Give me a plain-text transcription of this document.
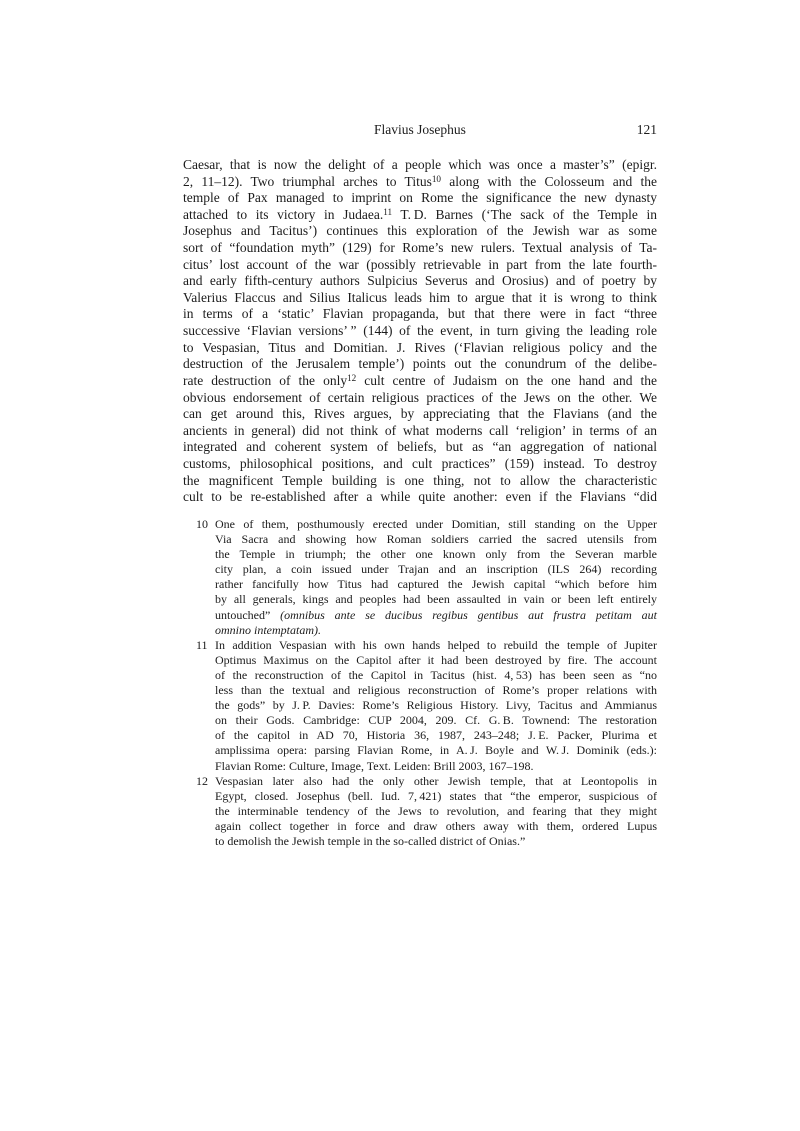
Flavius Josephus	121
Caesar, that is now the delight of a people which was once a master’s” (epigr.
2, 11–12). Two triumphal arches to Titus$^{10}$ along with the Colosseum and the
temple of Pax managed to imprint on Rome the significance the new dynasty
attached to its victory in Judaea.$^{11}$ T. D. Barnes (‘The sack of the Temple in
Josephus and Tacitus’) continues this exploration of the Jewish war as some
sort of “foundation myth” (129) for Rome’s new rulers. Textual analysis of Ta-
citus’ lost account of the war (possibly retrievable in part from the late fourth-
and early fifth-century authors Sulpicius Severus and Orosius) and of poetry by
Valerius Flaccus and Silius Italicus leads him to argue that it is wrong to think
in terms of a ‘static’ Flavian propaganda, but that there were in fact “three
successive ‘Flavian versions’ ” (144) of the event, in turn giving the leading role
to Vespasian, Titus and Domitian. J. Rives (‘Flavian religious policy and the
destruction of the Jerusalem temple’) points out the conundrum of the delibe-
rate destruction of the only$^{12}$ cult centre of Judaism on the one hand and the
obvious endorsement of certain religious practices of the Jews on the other. We
can get around this, Rives argues, by appreciating that the Flavians (and the
ancients in general) did not think of what moderns call ‘religion’ in terms of an
integrated and coherent system of beliefs, but as “an aggregation of national
customs, philosophical positions, and cult practices” (159) instead. To destroy
the magnificent Temple building is one thing, not to allow the characteristic
cult to be re-established after a while quite another: even if the Flavians “did
10 One of them, posthumously erected under Domitian, still standing on the Upper
Via Sacra and showing how Roman soldiers carried the sacred utensils from
the Temple in triumph; the other one known only from the Severan marble
city plan, a coin issued under Trajan and an inscription (ILS 264) recording
rather fancifully how Titus had captured the Jewish capital “which before him
by all generals, kings and peoples had been assaulted in vain or been left entirely
untouched” (omnibus ante se ducibus regibus gentibus aut frustra petitam aut
omnino intemptatam).
11 In addition Vespasian with his own hands helped to rebuild the temple of Jupiter
Optimus Maximus on the Capitol after it had been destroyed by fire. The account
of the reconstruction of the Capitol in Tacitus (hist. 4, 53) has been seen as “no
less than the textual and religious reconstruction of Rome’s proper relations with
the gods” by J. P. Davies: Rome’s Religious History. Livy, Tacitus and Ammianus
on their Gods. Cambridge: CUP 2004, 209. Cf. G. B. Townend: The restoration
of the capitol in AD 70, Historia 36, 1987, 243–248; J. E. Packer, Plurima et
amplissima opera: parsing Flavian Rome, in A. J. Boyle and W. J. Dominik (eds.):
Flavian Rome: Culture, Image, Text. Leiden: Brill 2003, 167–198.
12 Vespasian later also had the only other Jewish temple, that at Leontopolis in
Egypt, closed. Josephus (bell. Iud. 7, 421) states that “the emperor, suspicious of
the interminable tendency of the Jews to revolution, and fearing that they might
again collect together in force and draw others away with them, ordered Lupus
to demolish the Jewish temple in the so-called district of Onias.”
